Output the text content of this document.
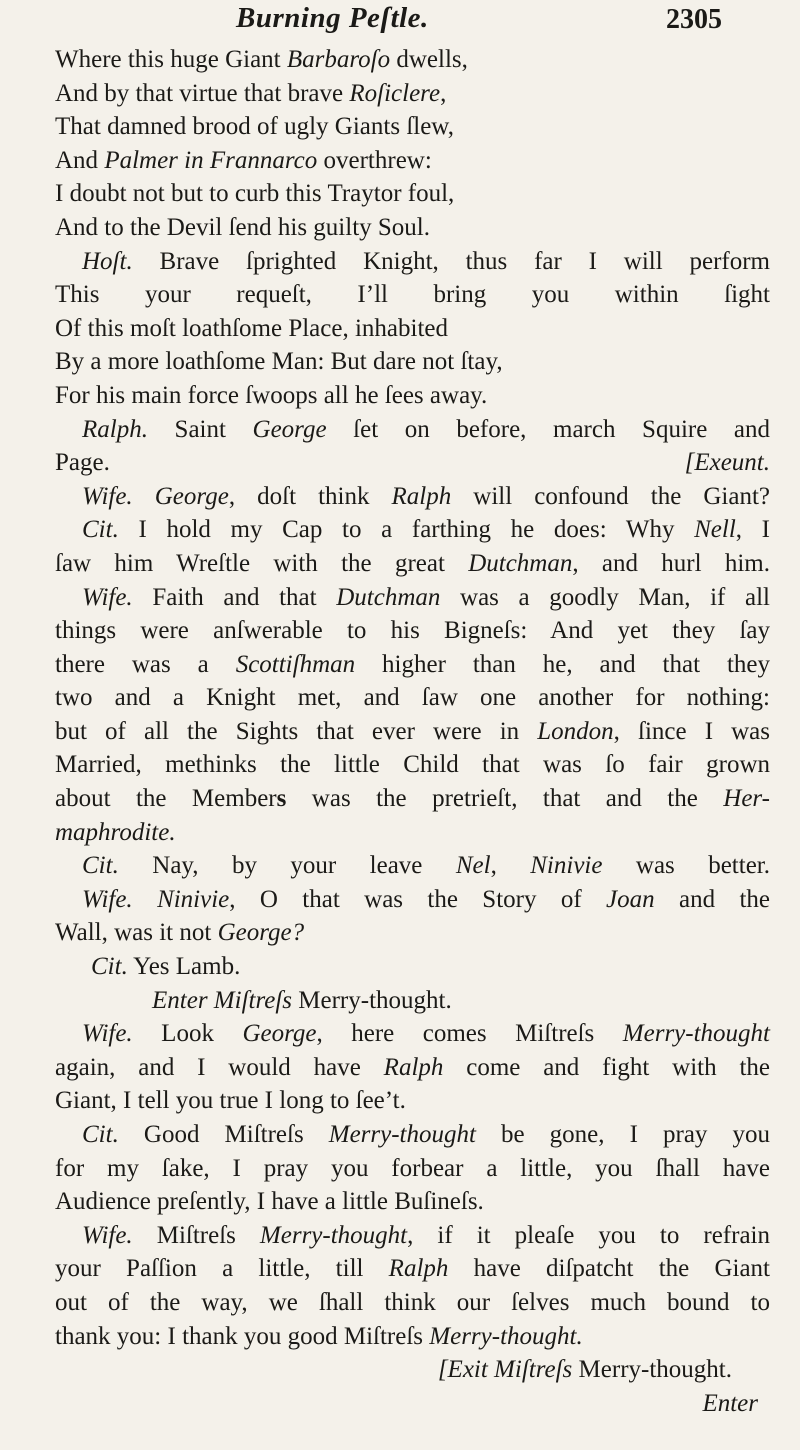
Burning Peſtle.	2305
Where this huge Giant Barbaroſo dwells,
And by that virtue that brave Roſiclere,
That damned brood of ugly Giants ſlew,
And Palmer in Frannarco overthrew:
I doubt not but to curb this Traytor foul,
And to the Devil ſend his guilty Soul.
Hoſt. Brave ſprighted Knight, thus far I will perform
This your requeſt, I’ll bring you within ſight
Of this moſt loathſome Place, inhabited
By a more loathſome Man: But dare not ſtay,
For his main force ſwoops all he ſees away.
Ralph. Saint George ſet on before, march Squire and
Page.	[Exeunt.
Wife. George, doſt think Ralph will confound the Giant?
Cit. I hold my Cap to a farthing he does: Why Nell, I
ſaw him Wreſtle with the great Dutchman, and hurl him.
Wife. Faith and that Dutchman was a goodly Man, if all
things were anſwerable to his Bigneſs: And yet they ſay
there was a Scottiſhman higher than he, and that they
two and a Knight met, and ſaw one another for nothing:
but of all the Sights that ever were in London, ſince I was
Married, methinks the little Child that was ſo fair grown
about the Members was the pretrieſt, that and the Her-
maphrodite.
Cit. Nay, by your leave Nel, Ninivie was better.
Wife. Ninivie, O that was the Story of Joan and the
Wall, was it not George?
Cit. Yes Lamb.
Enter Miſtreſs Merry-thought.
Wife. Look George, here comes Miſtreſs Merry-thought
again, and I would have Ralph come and fight with the
Giant, I tell you true I long to ſee’t.
Cit. Good Miſtreſs Merry-thought be gone, I pray you
for my ſake, I pray you forbear a little, you ſhall have
Audience preſently, I have a little Buſineſs.
Wife. Miſtreſs Merry-thought, if it pleaſe you to refrain
your Paſſion a little, till Ralph have diſpatcht the Giant
out of the way, we ſhall think our ſelves much bound to
thank you: I thank you good Miſtreſs Merry-thought.
[Exit Miſtreſs Merry-thought.
Enter
